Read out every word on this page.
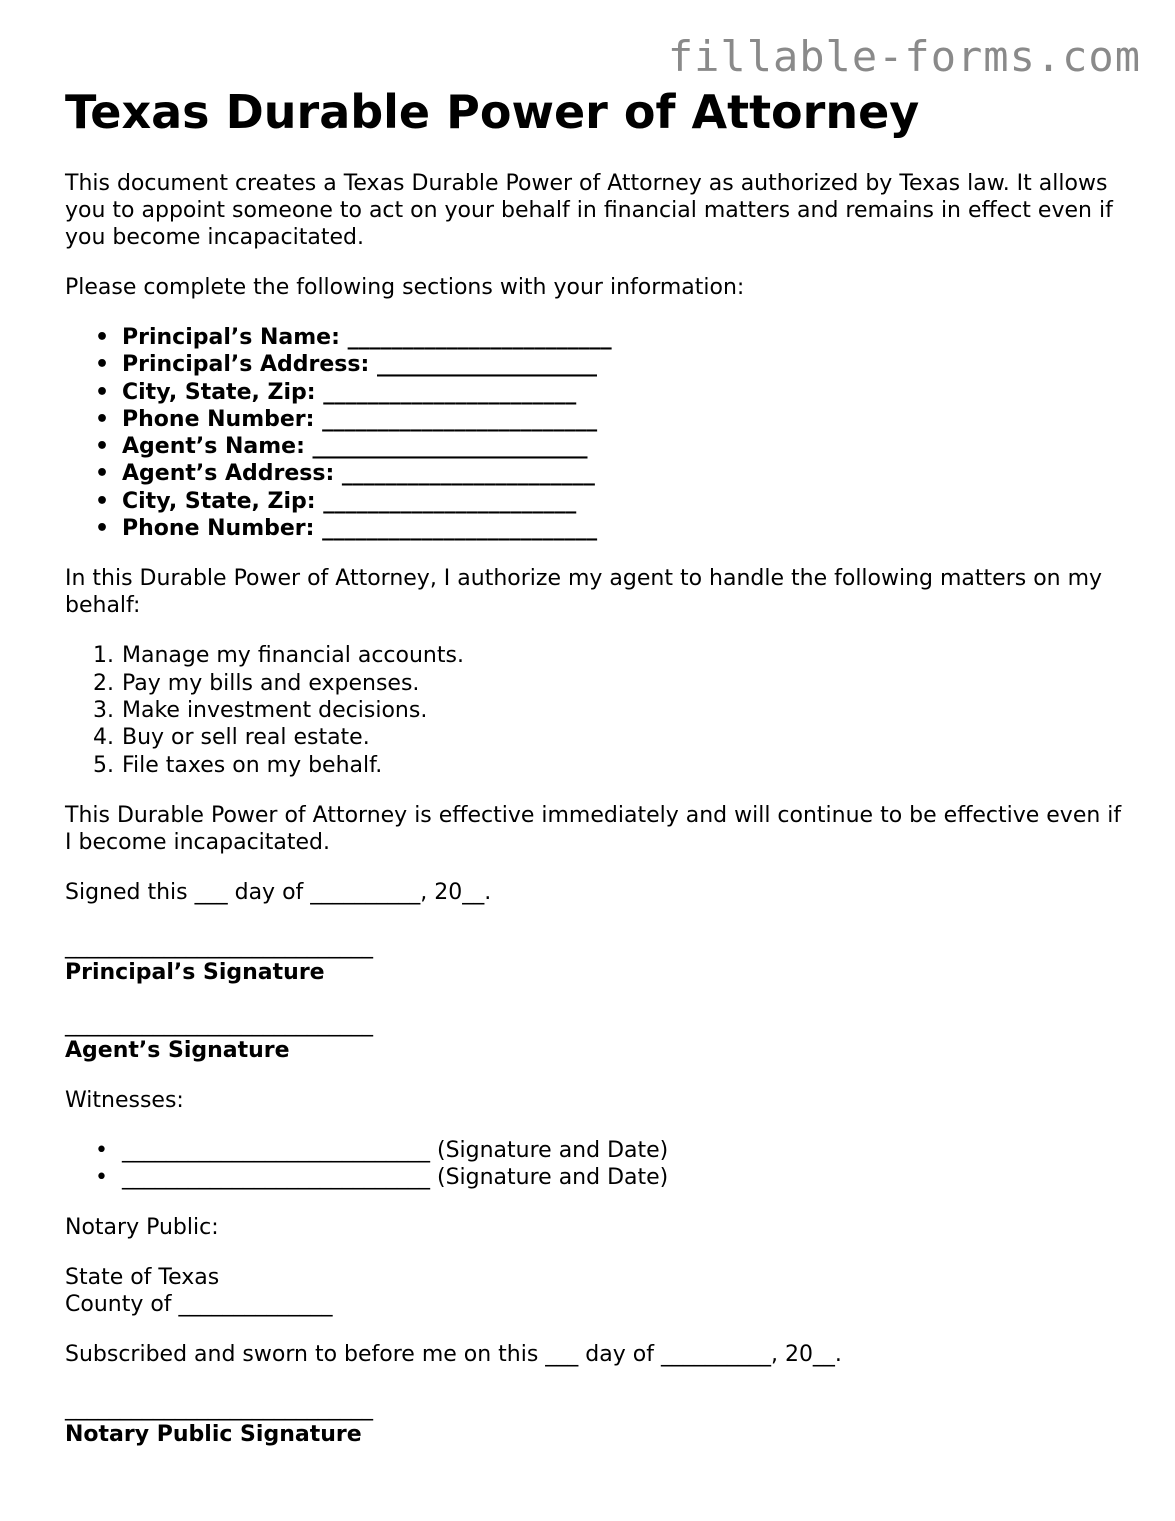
fillable-forms.com
Texas Durable Power of Attorney

This document creates a Texas Durable Power of Attorney as authorized by Texas law. It allows you to appoint someone to act on your behalf in financial matters and remains in effect even if you become incapacitated.

Please complete the following sections with your information:

• Principal’s Name: ________________________
• Principal’s Address: ____________________
• City, State, Zip: _______________________
• Phone Number: _________________________
• Agent’s Name: _________________________
• Agent’s Address: _______________________
• City, State, Zip: _______________________
• Phone Number: _________________________

In this Durable Power of Attorney, I authorize my agent to handle the following matters on my behalf:

1. Manage my financial accounts.
2. Pay my bills and expenses.
3. Make investment decisions.
4. Buy or sell real estate.
5. File taxes on my behalf.

This Durable Power of Attorney is effective immediately and will continue to be effective even if I become incapacitated.

Signed this ___ day of __________, 20__.

____________________________
Principal’s Signature
____________________________
Agent’s Signature

Witnesses:

• ____________________________ (Signature and Date)
• ____________________________ (Signature and Date)

Notary Public:

State of Texas

County of ______________

Subscribed and sworn to before me on this ___ day of __________, 20__.

____________________________
Notary Public Signature
